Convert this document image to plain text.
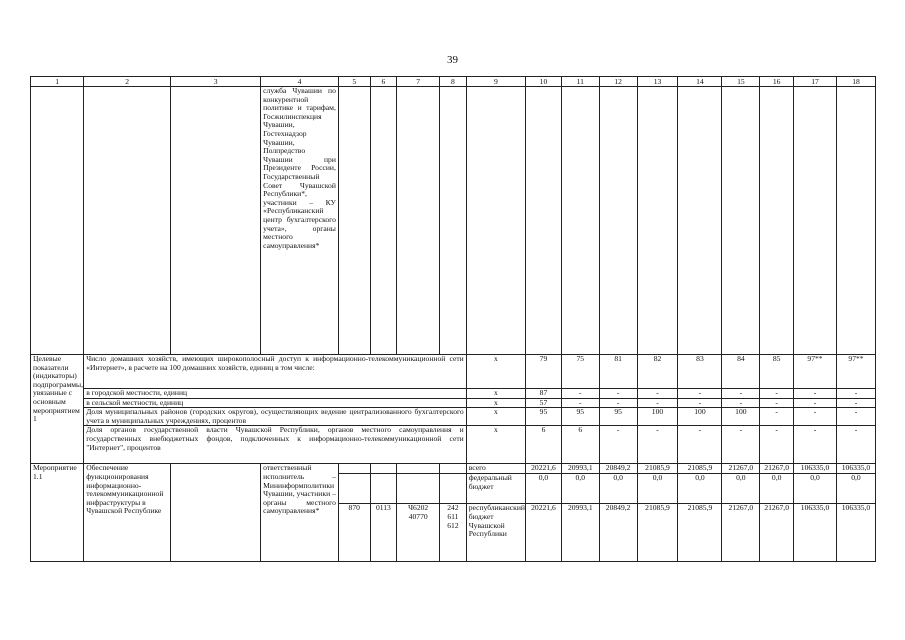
39
1	2	3	4	5	6	7	8	9	10	11	12	13	14	15	16	17	18
			служба Чувашии по конкурентной политике и тарифам, Госжилинспекция Чувашии, Гостехнадзор Чувашии, Полпредство Чувашии при Президенте России, Государственный Совет Чувашской Республики*, участники – КУ «Республиканский центр бухгалтерского учета», органы местного самоуправления*														
Целевые показатели (индикаторы) подпрограммы, увязанные с основным мероприятием 1	Число домашних хозяйств, имеющих широкополосный доступ к информационно-телекоммуникационной сети «Интернет», в расчете на 100 домашних хозяйств, единиц в том числе:							x	79	75	81	82	83	84	85	97**	97**
	в городской местности, единиц							x	87	-	-	-	-	-	-	-	-
	в сельской местности, единиц							x	57	-	-	-	-	-	-	-	-
	Доля муниципальных районов (городских округов), осуществляющих ведение централизованного бухгалтерского учета в муниципальных учреждениях, процентов							x	95	95	95	100	100	100	-	-	-
	Доля органов государственной власти Чувашской Республики, органов местного самоуправления и государственных внебюджетных фондов, подключенных к информационно-телекоммуникационной сети "Интернет", процентов							x	6	6	-	-	-	-	-	-	-
Мероприятие 1.1	Обеспечение функционирования информационно-телекоммуникационной инфраструктуры в Чувашской Республике		ответственный исполнитель – Мининформполитики Чувашии, участники – органы местного самоуправления*					всего	20221,6	20993,1	20849,2	21085,9	21085,9	21267,0	21267,0	106335,0	106335,0
								федеральный бюджет	0,0	0,0	0,0	0,0	0,0	0,0	0,0	0,0	0,0
				870	0113	Ч6202 40770	242 611 612	республиканский бюджет Чувашской Республики	20221,6	20993,1	20849,2	21085,9	21085,9	21267,0	21267,0	106335,0	106335,0
